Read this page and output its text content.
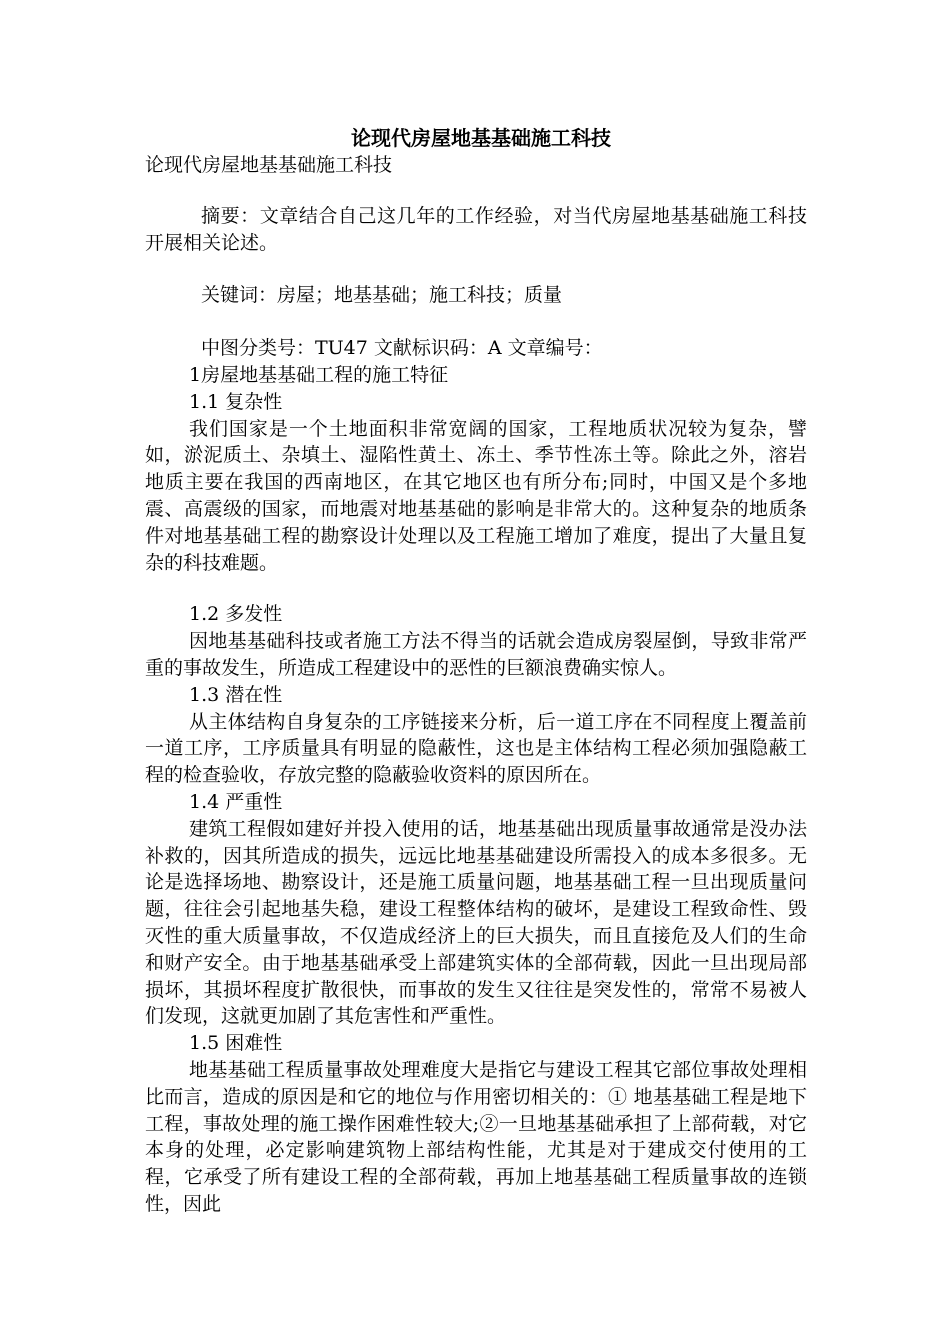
论现代房屋地基基础施工科技

论现代房屋地基基础施工科技

摘要：文章结合自己这几年的工作经验，对当代房屋地基基础施工科技开展相关论述。

关键词：房屋；地基基础；施工科技；质量

中图分类号：TU47 文献标识码：A 文章编号：

1房屋地基基础工程的施工特征

1.1 复杂性

我们国家是一个土地面积非常宽阔的国家，工程地质状况较为复杂，譬如，淤泥质土、杂填土、湿陷性黄土、冻土、季节性冻土等。除此之外，溶岩地质主要在我国的西南地区，在其它地区也有所分布;同时，中国又是个多地震、高震级的国家，而地震对地基基础的影响是非常大的。这种复杂的地质条件对地基基础工程的勘察设计处理以及工程施工增加了难度，提出了大量且复杂的科技难题。

1.2 多发性

因地基基础科技或者施工方法不得当的话就会造成房裂屋倒，导致非常严重的事故发生，所造成工程建设中的恶性的巨额浪费确实惊人。

1.3 潜在性

从主体结构自身复杂的工序链接来分析，后一道工序在不同程度上覆盖前一道工序，工序质量具有明显的隐蔽性，这也是主体结构工程必须加强隐蔽工程的检查验收，存放完整的隐蔽验收资料的原因所在。

1.4 严重性

建筑工程假如建好并投入使用的话，地基基础出现质量事故通常是没办法补救的，因其所造成的损失，远远比地基基础建设所需投入的成本多很多。无论是选择场地、勘察设计，还是施工质量问题，地基基础工程一旦出现质量问题，往往会引起地基失稳，建设工程整体结构的破坏，是建设工程致命性、毁灭性的重大质量事故，不仅造成经济上的巨大损失，而且直接危及人们的生命和财产安全。由于地基基础承受上部建筑实体的全部荷载，因此一旦出现局部损坏，其损坏程度扩散很快，而事故的发生又往往是突发性的，常常不易被人们发现，这就更加剧了其危害性和严重性。

1.5 困难性

地基基础工程质量事故处理难度大是指它与建设工程其它部位事故处理相比而言，造成的原因是和它的地位与作用密切相关的：① 地基基础工程是地下工程，事故处理的施工操作困难性较大;②一旦地基基础承担了上部荷载，对它本身的处理，必定影响建筑物上部结构性能，尤其是对于建成交付使用的工程，它承受了所有建设工程的全部荷载，再加上地基基础工程质量事故的连锁性，因此
